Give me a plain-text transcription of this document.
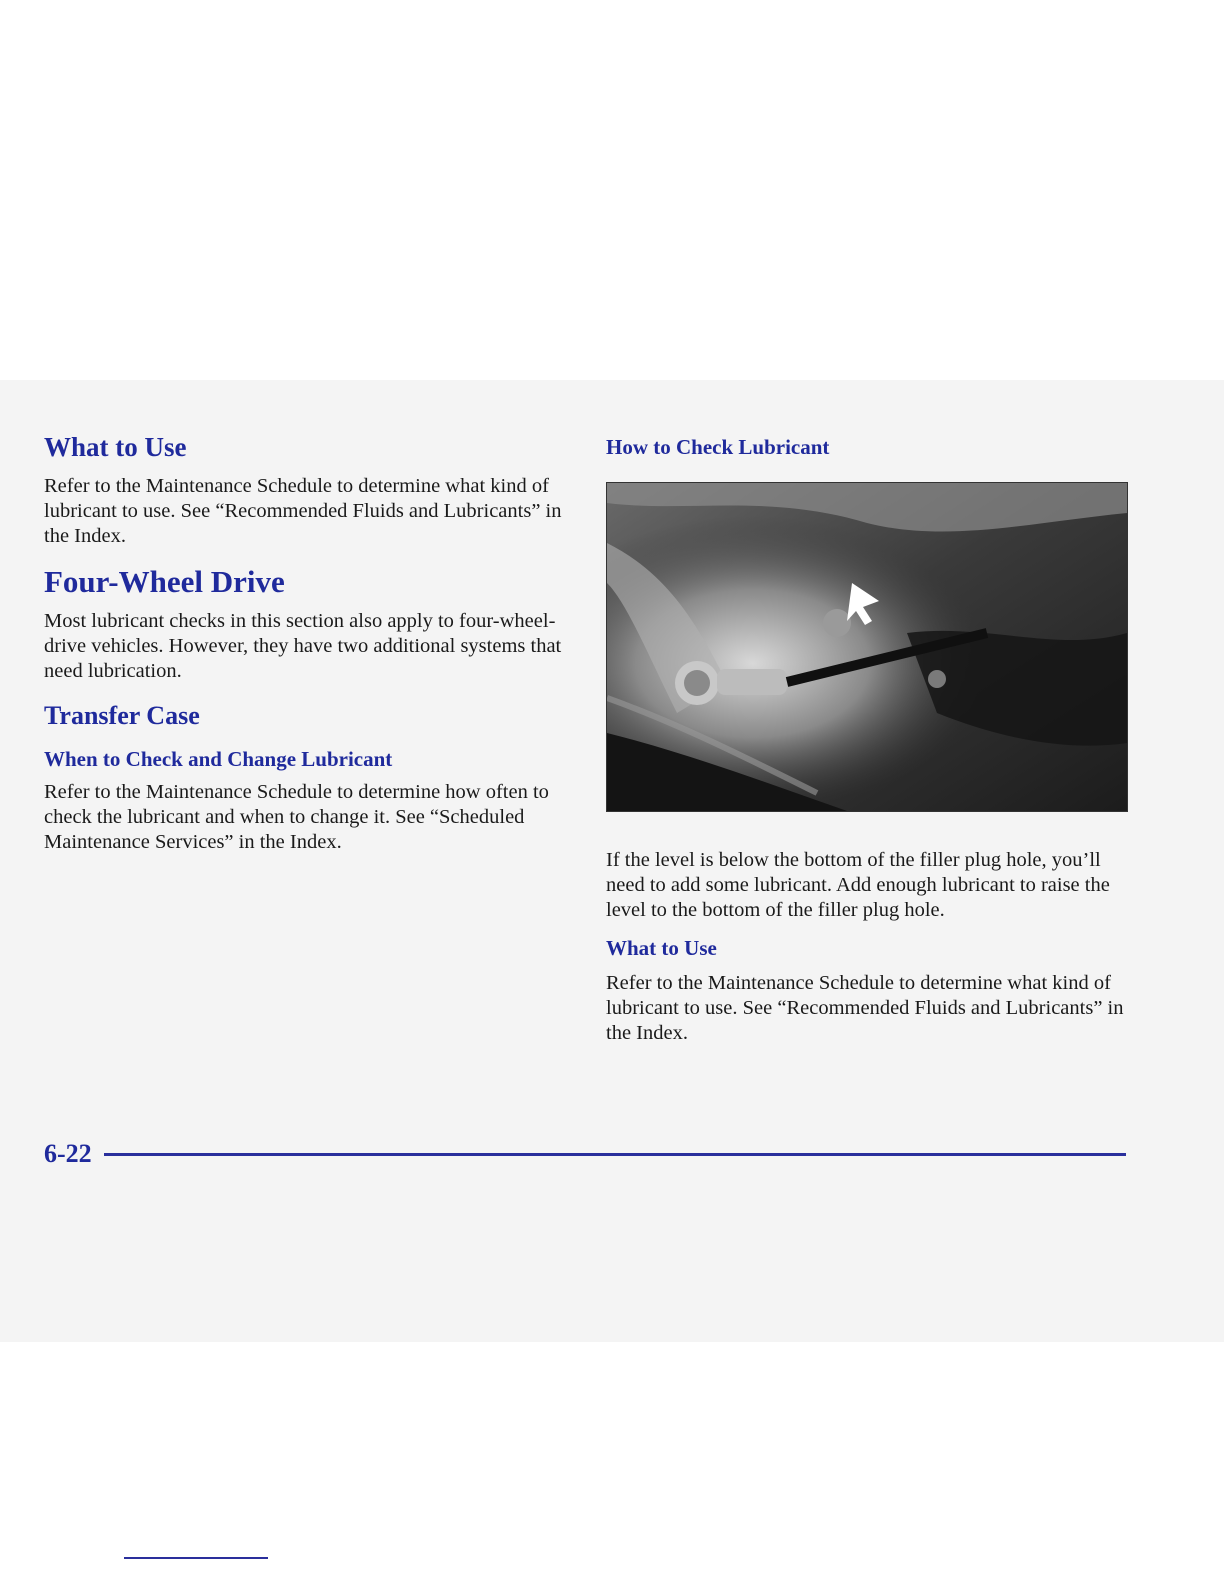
What to Use

Refer to the Maintenance Schedule to determine what kind of lubricant to use. See “Recommended Fluids and Lubricants” in the Index.

Four-Wheel Drive

Most lubricant checks in this section also apply to four-wheel-drive vehicles. However, they have two additional systems that need lubrication.

Transfer Case
When to Check and Change Lubricant

Refer to the Maintenance Schedule to determine how often to check the lubricant and when to change it. See “Scheduled Maintenance Services” in the Index.

How to Check Lubricant

If the level is below the bottom of the filler plug hole, you’ll need to add some lubricant. Add enough lubricant to raise the level to the bottom of the filler plug hole.

What to Use

Refer to the Maintenance Schedule to determine what kind of lubricant to use. See “Recommended Fluids and Lubricants” in the Index.

6-22
